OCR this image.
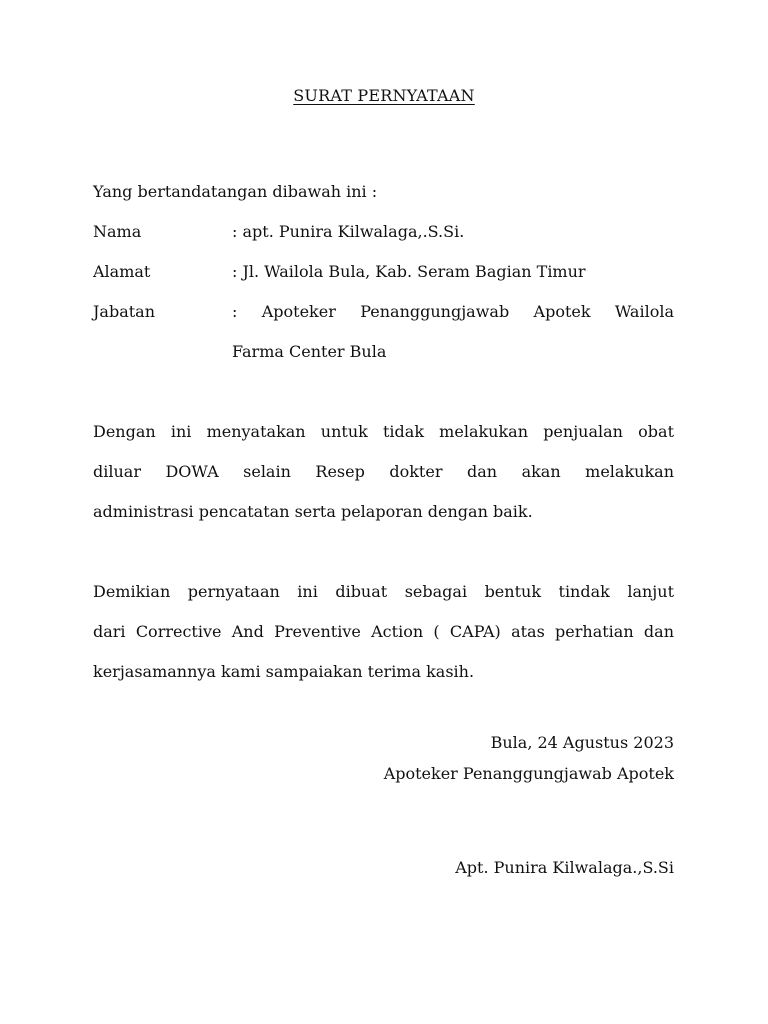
SURAT PERNYATAAN
Yang bertandatangan dibawah ini :
Nama	: apt. Punira Kilwalaga,.S.Si.
Alamat	: Jl. Wailola Bula, Kab. Seram Bagian Timur
Jabatan	: Apoteker Penanggungjawab Apotek Wailola
Farma Center Bula
Dengan ini menyatakan untuk tidak melakukan penjualan obat
diluar DOWA selain Resep dokter dan akan melakukan
administrasi pencatatan serta pelaporan dengan baik.
Demikian pernyataan ini dibuat sebagai bentuk tindak lanjut
dari Corrective And Preventive Action ( CAPA) atas perhatian dan
kerjasamannya kami sampaiakan terima kasih.
Bula, 24 Agustus 2023
Apoteker Penanggungjawab Apotek
Apt. Punira Kilwalaga.,S.Si
